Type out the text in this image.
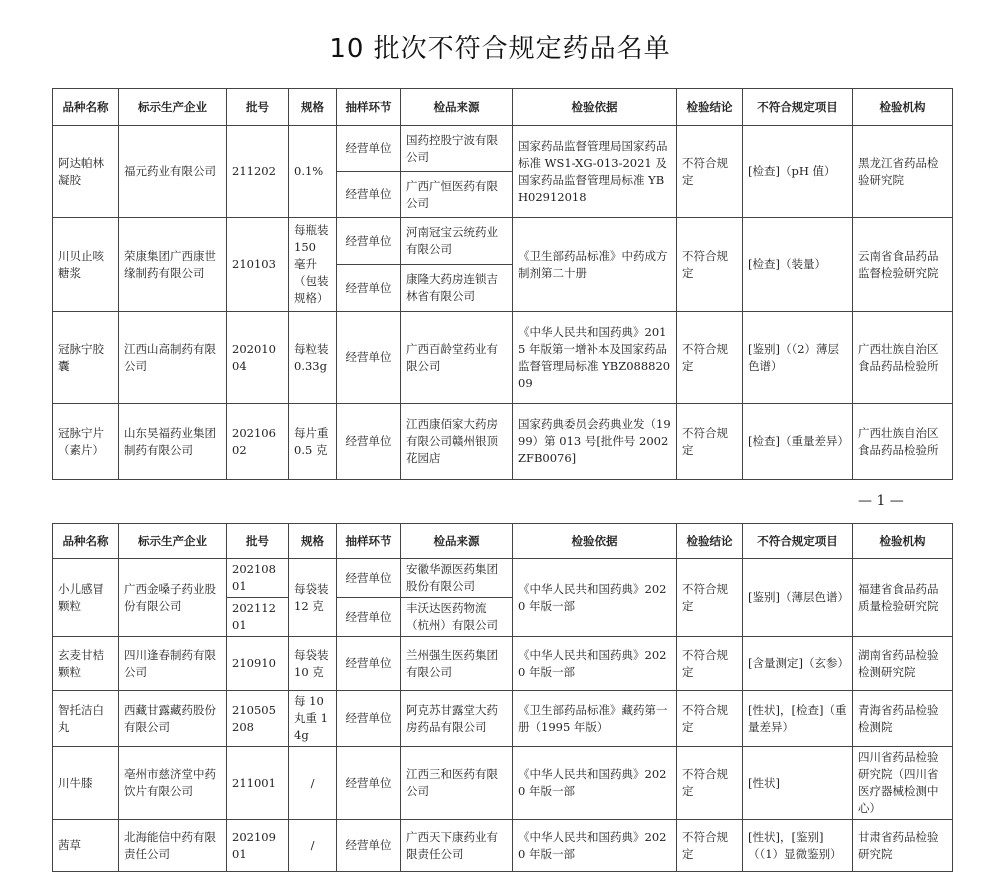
10 批次不符合规定药品名单
品种名称	标示生产企业	批号	规格	抽样环节	检品来源	检验依据	检验结论	不符合规定项目	检验机构
阿达帕林凝胶	福元药业有限公司	211202	0.1%	经营单位	国药控股宁波有限公司	国家药品监督管理局国家药品标准 WS1-XG-013-2021 及国家药品监督管理局标准 YBH02912018	不符合规定	[检查]（pH 值）	黑龙江省药品检验研究院
				经营单位	广西广恒医药有限公司				
川贝止咳糖浆	荣康集团广西康世缘制药有限公司	210103	每瓶装 150 毫升（包装规格）	经营单位	河南冠宝云统药业有限公司	《卫生部药品标准》中药成方制剂第二十册	不符合规定	[检查]（装量）	云南省食品药品监督检验研究院
				经营单位	康隆大药房连锁吉林省有限公司				
冠脉宁胶囊	江西山高制药有限公司	20201004	每粒装 0.33g	经营单位	广西百龄堂药业有限公司	《中华人民共和国药典》2015 年版第一增补本及国家药品监督管理局标准 YBZ08882009	不符合规定	[鉴别]（（2）薄层色谱）	广西壮族自治区食品药品检验所
冠脉宁片（素片）	山东昊福药业集团制药有限公司	20210602	每片重 0.5 克	经营单位	江西康佰家大药房有限公司赣州银顶花园店	国家药典委员会药典业发（1999）第 013 号[批件号 2002ZFB0076]	不符合规定	[检查]（重量差异）	广西壮族自治区食品药品检验所
— 1 —
品种名称	标示生产企业	批号	规格	抽样环节	检品来源	检验依据	检验结论	不符合规定项目	检验机构
小儿感冒颗粒	广西金嗓子药业股份有限公司	20210801	每袋装 12 克	经营单位	安徽华源医药集团股份有限公司	《中华人民共和国药典》2020 年版一部	不符合规定	[鉴别]（薄层色谱）	福建省食品药品质量检验研究院
		20211201		经营单位	丰沃达医药物流（杭州）有限公司				
玄麦甘桔颗粒	四川逢春制药有限公司	210910	每袋装 10 克	经营单位	兰州强生医药集团有限公司	《中华人民共和国药典》2020 年版一部	不符合规定	[含量测定]（玄参）	湖南省药品检验检测研究院
智托洁白丸	西藏甘露藏药股份有限公司	210505208	每 10 丸重 14g	经营单位	阿克苏甘露堂大药房药品有限公司	《卫生部药品标准》藏药第一册（1995 年版）	不符合规定	[性状]，[检查]（重量差异）	青海省药品检验检测院
川牛膝	亳州市慈济堂中药饮片有限公司	211001	/	经营单位	江西三和医药有限公司	《中华人民共和国药典》2020 年版一部	不符合规定	[性状]	四川省药品检验研究院（四川省医疗器械检测中心）
茜草	北海能信中药有限责任公司	20210901	/	经营单位	广西天下康药业有限责任公司	《中华人民共和国药典》2020 年版一部	不符合规定	[性状]，[鉴别]（（1）显微鉴别）	甘肃省药品检验研究院
